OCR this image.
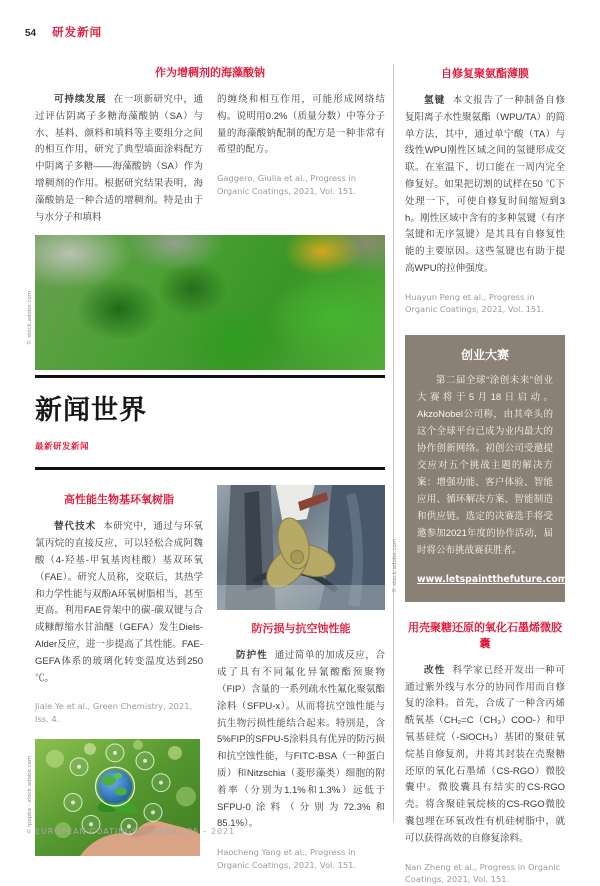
54 研发新闻
作为增稠剂的海藻酸钠

可持续发展 在一项新研究中，通过评估阴离子多糖海藻酸钠（SA）与水、基料、颜料和填料等主要组分之间的相互作用，研究了典型墙面涂料配方中阴离子多糖——海藻酸钠（SA）作为增稠剂的作用。根据研究结果表明，海藻酸钠是一种合适的增稠剂。特是由于与水分子和填料

的缠绕和相互作用，可能形成网络结构。说明用0.2%（质量分数）中等分子量的海藻酸钠配制的配方是一种非常有希望的配方。

Gaggero, Giulia et al., Progress in Organic Coatings, 2021, Vol. 151.

© stock.adobe.com
新闻世界
最新研发新闻
高性能生物基环氧树脂

替代技术 本研究中，通过与环氧氯丙烷的直接反应，可以轻松合成阿魏酸（4-羟基-甲氧基肉桂酸）基双环氧（FAE）。研究人员称，交联后，其热学和力学性能与双酚A环氧树脂相当，甚至更高。利用FAE骨架中的碳-碳双键与合成糠醇缩水甘油醚（GEFA）发生Diels-Alder反应，进一步提高了其性能。FAE-GEFA体系的玻璃化转变温度达到250 ℃。

Jiale Ye et al., Green Chemistry, 2021, Iss. 4.

© ipopba - stock.adobe.com
© stock.adobe.com
防污损与抗空蚀性能

防护性 通过简单的加成反应，合成了具有不同氟化异氰酸酯预聚物（FIP）含量的一系列疏水性氟化聚氨酯涂料（SFPU-x）。从而将抗空蚀性能与抗生物污损性能结合起来。特别是，含5%FIP的SFPU-5涂料具有优异的防污损和抗空蚀性能，与FITC-BSA（一种蛋白质）和Nitzschia（菱形藻类）细胞的附着率（分别为1.1%和1.3%）远低于SFPU-0涂料（分别为72.3%和85.1%）。

Haocheng Yang et al., Progress in Organic Coatings, 2021, Vol. 151.

自修复聚氨酯薄膜

氢键 本文报告了一种制备自修复阳离子水性聚氨酯（WPU/TA）的简单方法，其中，通过单宁酸（TA）与线性WPU刚性区域之间的氢键形成交联。在室温下，切口能在一周内完全修复好。如果把切割的试样在50 ℃下处理一下，可使自修复时间缩短到3 h。刚性区域中含有的多种氢键（有序氢键和无序氢键）是其具有自修复性能的主要原因。这些氢键也有助于提高WPU的拉伸强度。

Huayun Peng et al., Progress in Organic Coatings, 2021, Vol. 151.

创业大赛

第二届全球“涂创未来”创业大赛将于5月18日启动。AkzoNobel公司称，由其牵头的这个全球平台已成为业内最大的协作创新网络。初创公司受邀提交应对五个挑战主题的解决方案：增强功能、客户体验、智能应用、循环解决方案、智能制造和供应链。选定的决赛选手将受邀参加2021年度的协作活动，届时将公布挑战赛获胜者。

www.letspaintthefuture.com
用壳聚糖还原的氧化石墨烯微胶囊

改性 科学家已经开发出一种可通过紫外线与水分的协同作用而自修复的涂料。首先，合成了一种含丙烯酰氧基（CH₂=C（CH₃）COO-）和甲氧基硅烷（-SiOCH₃）基团的聚硅氧烷基自修复剂，并将其封装在壳聚糖还原的氧化石墨烯（CS-RGO）微胶囊中。微胶囊具有结实的CS-RGO壳。将含聚硅氧烷核的CS-RGO微胶囊包埋在环氧改性有机硅树脂中，就可以获得高效的自修复涂料。

Nan Zheng et al., Progress in Organic Coatings, 2021, Vol. 151.

EUROPEAN COATINGS JOURNAL 05 – 2021
